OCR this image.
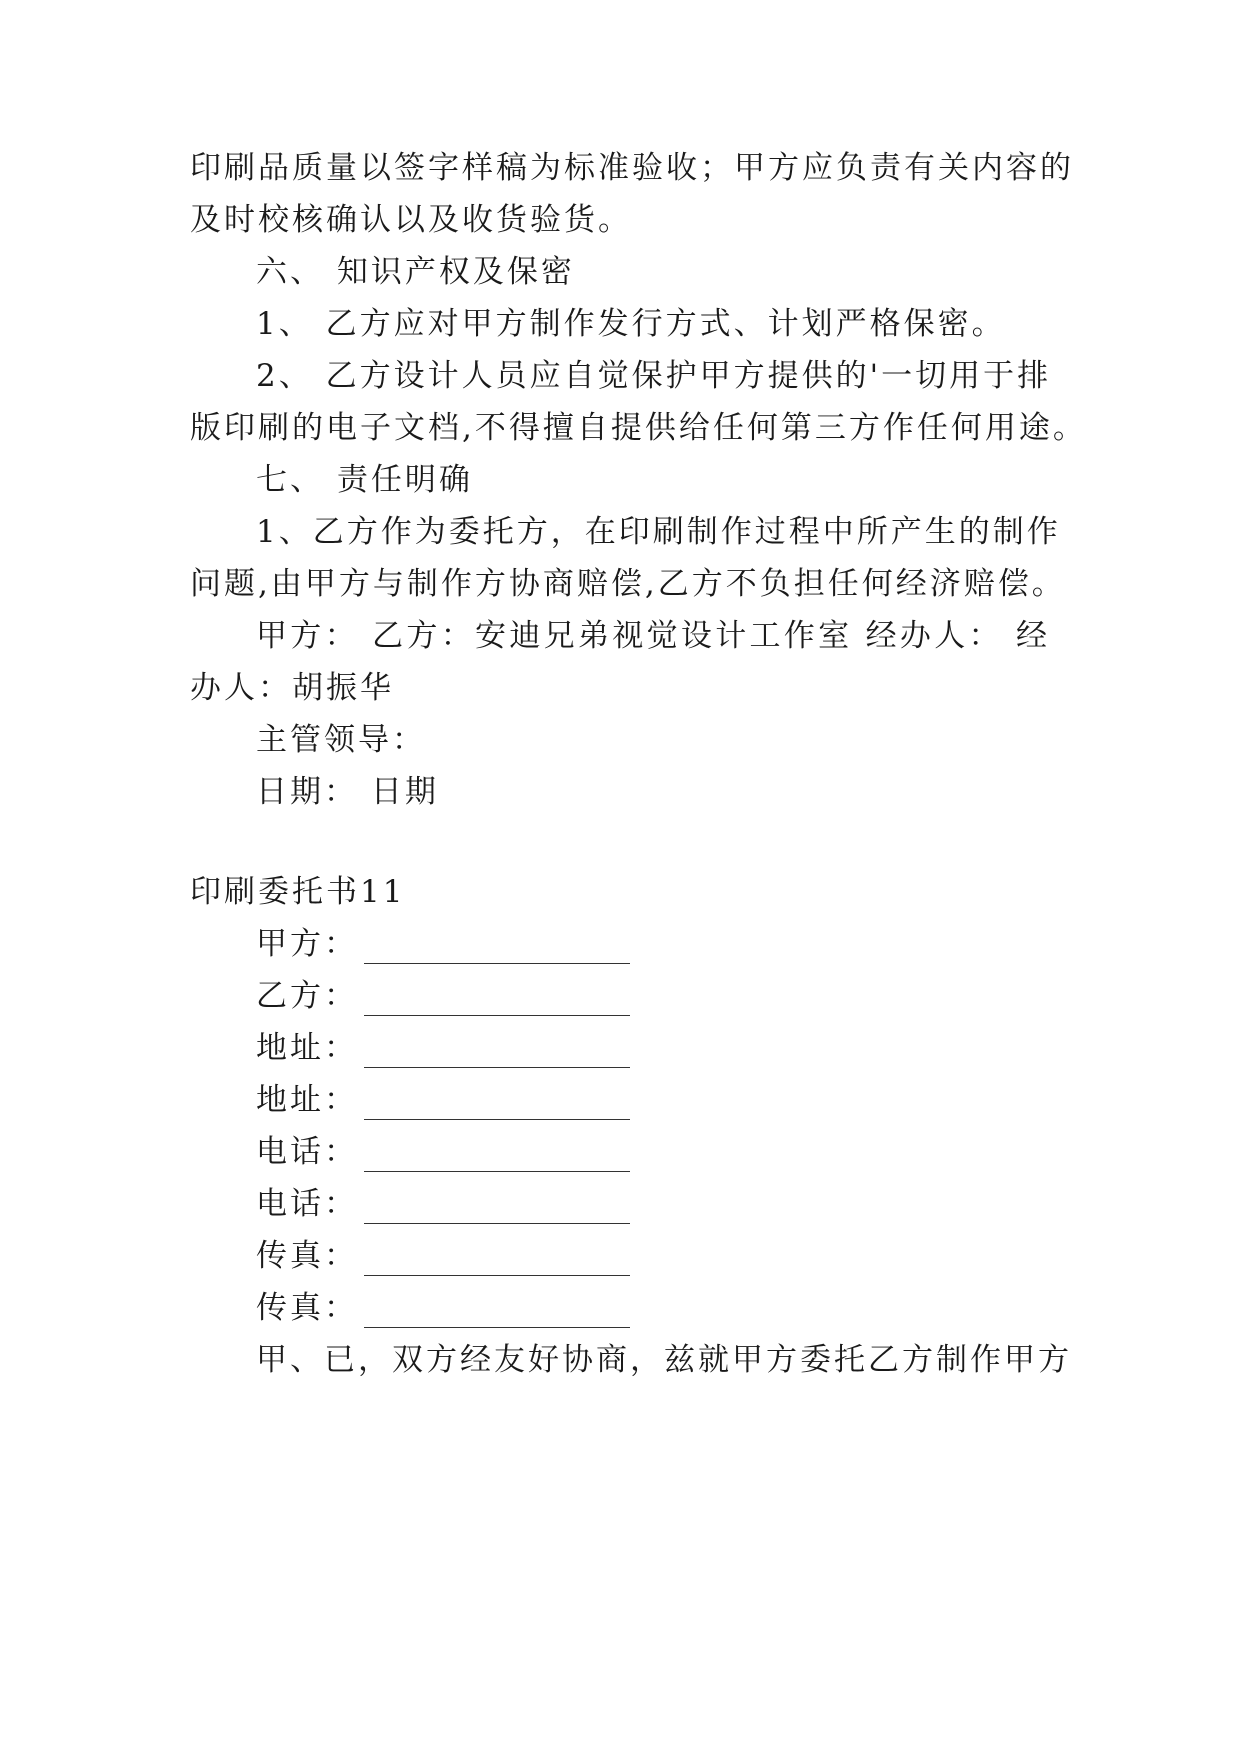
印刷品质量以签字样稿为标准验收；甲方应负责有关内容的
及时校核确认以及收货验货。
六、 知识产权及保密
1、 乙方应对甲方制作发行方式、计划严格保密。
2、 乙方设计人员应自觉保护甲方提供的'一切用于排
版印刷的电子文档,不得擅自提供给任何第三方作任何用途。
七、 责任明确
1、乙方作为委托方，在印刷制作过程中所产生的制作
问题,由甲方与制作方协商赔偿,乙方不负担任何经济赔偿。
甲方： 乙方：安迪兄弟视觉设计工作室 经办人： 经
办人：胡振华
主管领导：
日期： 日期
印刷委托书11
甲方：
乙方：
地址：
地址：
电话：
电话：
传真：
传真：
甲、已，双方经友好协商，兹就甲方委托乙方制作甲方
